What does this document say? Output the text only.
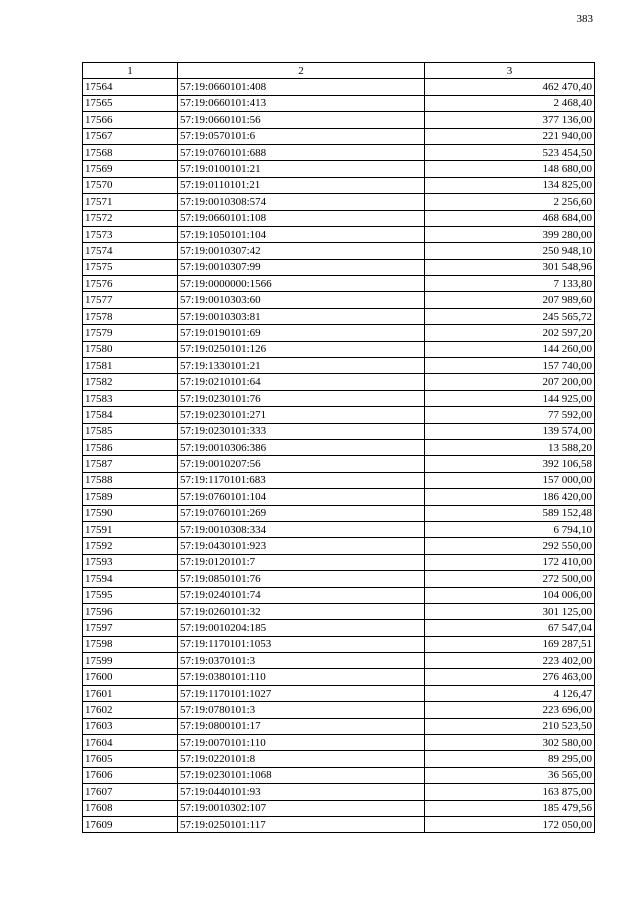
383
1	2	3
17564	57:19:0660101:408	462 470,40
17565	57:19:0660101:413	2 468,40
17566	57:19:0660101:56	377 136,00
17567	57:19:0570101:6	221 940,00
17568	57:19:0760101:688	523 454,50
17569	57:19:0100101:21	148 680,00
17570	57:19:0110101:21	134 825,00
17571	57:19:0010308:574	2 256,60
17572	57:19:0660101:108	468 684,00
17573	57:19:1050101:104	399 280,00
17574	57:19:0010307:42	250 948,10
17575	57:19:0010307:99	301 548,96
17576	57:19:0000000:1566	7 133,80
17577	57:19:0010303:60	207 989,60
17578	57:19:0010303:81	245 565,72
17579	57:19:0190101:69	202 597,20
17580	57:19:0250101:126	144 260,00
17581	57:19:1330101:21	157 740,00
17582	57:19:0210101:64	207 200,00
17583	57:19:0230101:76	144 925,00
17584	57:19:0230101:271	77 592,00
17585	57:19:0230101:333	139 574,00
17586	57:19:0010306:386	13 588,20
17587	57:19:0010207:56	392 106,58
17588	57:19:1170101:683	157 000,00
17589	57:19:0760101:104	186 420,00
17590	57:19:0760101:269	589 152,48
17591	57:19:0010308:334	6 794,10
17592	57:19:0430101:923	292 550,00
17593	57:19:0120101:7	172 410,00
17594	57:19:0850101:76	272 500,00
17595	57:19:0240101:74	104 006,00
17596	57:19:0260101:32	301 125,00
17597	57:19:0010204:185	67 547,04
17598	57:19:1170101:1053	169 287,51
17599	57:19:0370101:3	223 402,00
17600	57:19:0380101:110	276 463,00
17601	57:19:1170101:1027	4 126,47
17602	57:19:0780101:3	223 696,00
17603	57:19:0800101:17	210 523,50
17604	57:19:0070101:110	302 580,00
17605	57:19:0220101:8	89 295,00
17606	57:19:0230101:1068	36 565,00
17607	57:19:0440101:93	163 875,00
17608	57:19:0010302:107	185 479,56
17609	57:19:0250101:117	172 050,00
